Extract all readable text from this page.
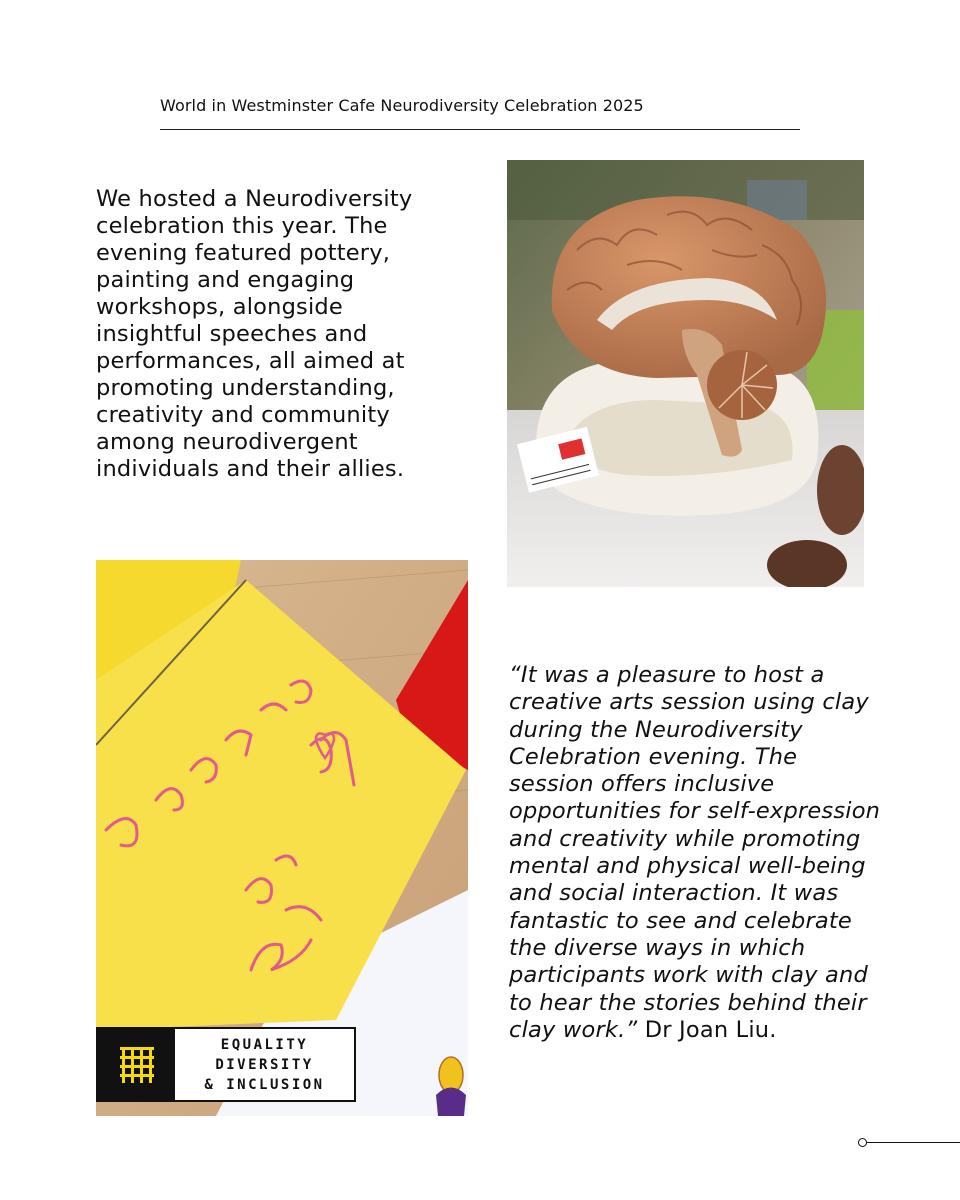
World in Westminster Cafe Neurodiversity Celebration 2025
We hosted a Neurodiversity celebration this year. The evening featured pottery, painting and engaging workshops, alongside insightful speeches and performances, all aimed at promoting understanding, creativity and community among neurodivergent individuals and their allies.
EQUALITY
DIVERSITY
& INCLUSION
“It was a pleasure to host a creative arts session using clay during the Neurodiversity Celebration evening. The session offers inclusive opportunities for self-expression and creativity while promoting mental and physical well-being and social interaction. It was fantastic to see and celebrate the diverse ways in which participants work with clay and to hear the stories behind their clay work.” Dr Joan Liu.
